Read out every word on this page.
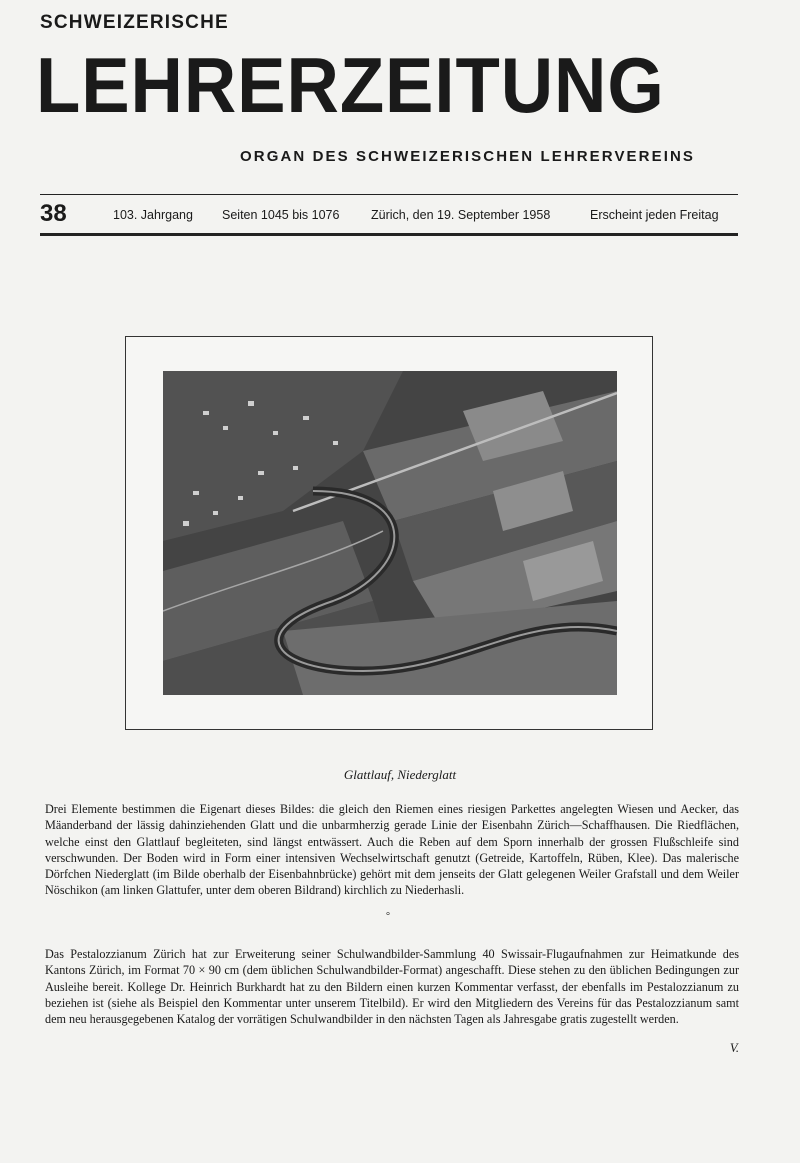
SCHWEIZERISCHE
LEHRERZEITUNG
ORGAN DES SCHWEIZERISCHEN LEHRERVEREINS
38	103. Jahrgang Seiten 1045 bis 1076	Zürich, den 19. September 1958	Erscheint jeden Freitag
Glattlauf, Niederglatt

Drei Elemente bestimmen die Eigenart dieses Bildes: die gleich den Riemen eines riesigen Parkettes angelegten Wiesen und Aecker, das Mäanderband der lässig dahinziehenden Glatt und die unbarmherzig gerade Linie der Eisenbahn Zürich—Schaffhausen. Die Riedflächen, welche einst den Glattlauf begleiteten, sind längst entwässert. Auch die Reben auf dem Sporn innerhalb der grossen Flußschleife sind verschwunden. Der Boden wird in Form einer intensiven Wechselwirtschaft genutzt (Getreide, Kartoffeln, Rüben, Klee). Das malerische Dörfchen Niederglatt (im Bilde oberhalb der Eisenbahnbrücke) gehört mit dem jenseits der Glatt gelegenen Weiler Grafstall und dem Weiler Nöschikon (am linken Glattufer, unter dem oberen Bildrand) kirchlich zu Niederhasli.

°

Das Pestalozzianum Zürich hat zur Erweiterung seiner Schulwandbilder-Sammlung 40 Swissair-Flugaufnahmen zur Heimatkunde des Kantons Zürich, im Format 70 × 90 cm (dem üblichen Schulwandbilder-Format) angeschafft. Diese stehen zu den üblichen Bedingungen zur Ausleihe bereit. Kollege Dr. Heinrich Burkhardt hat zu den Bildern einen kurzen Kommentar verfasst, der ebenfalls im Pestalozzianum zu beziehen ist (siehe als Beispiel den Kommentar unter unserem Titelbild). Er wird den Mitgliedern des Vereins für das Pestalozzianum samt dem neu herausgegebenen Katalog der vorrätigen Schulwandbilder in den nächsten Tagen als Jahresgabe gratis zugestellt werden.

V.
